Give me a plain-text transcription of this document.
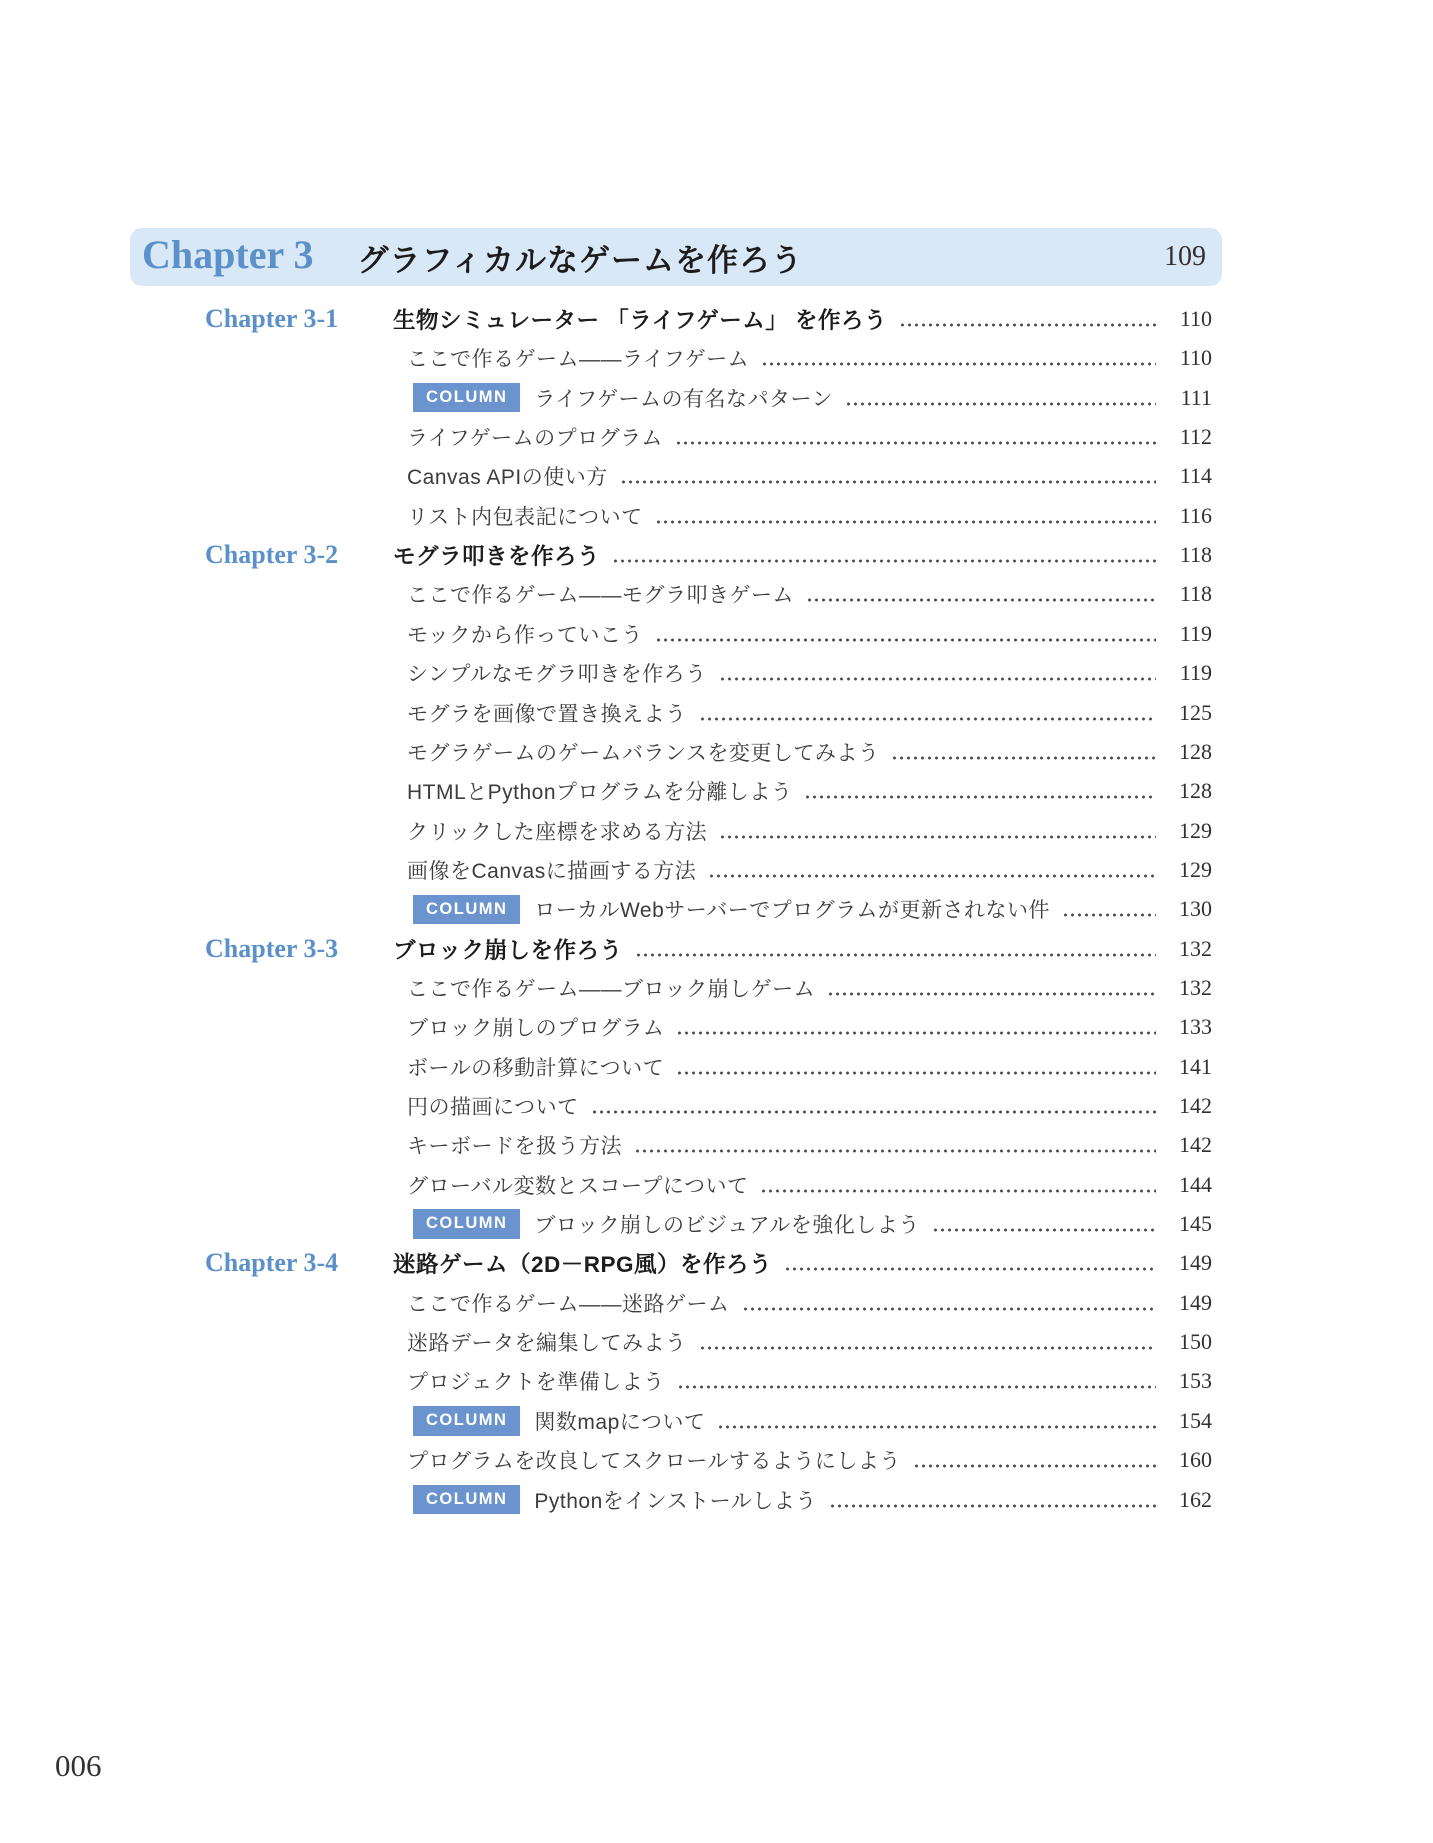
Chapter 3 グラフィカルなゲームを作ろう	109
Chapter 3-1	生物シミュレーター 「ライフゲーム」 を作ろう	110
ここで作るゲーム――ライフゲーム	110
COLUMN	ライフゲームの有名なパターン	111
ライフゲームのプログラム	112
Canvas APIの使い方	114
リスト内包表記について	116
Chapter 3-2	モグラ叩きを作ろう	118
ここで作るゲーム――モグラ叩きゲーム	118
モックから作っていこう	119
シンプルなモグラ叩きを作ろう	119
モグラを画像で置き換えよう	125
モグラゲームのゲームバランスを変更してみよう	128
HTMLとPythonプログラムを分離しよう	128
クリックした座標を求める方法	129
画像をCanvasに描画する方法	129
COLUMN	ローカルWebサーバーでプログラムが更新されない件	130
Chapter 3-3	ブロック崩しを作ろう	132
ここで作るゲーム――ブロック崩しゲーム	132
ブロック崩しのプログラム	133
ボールの移動計算について	141
円の描画について	142
キーボードを扱う方法	142
グローバル変数とスコープについて	144
COLUMN	ブロック崩しのビジュアルを強化しよう	145
Chapter 3-4	迷路ゲーム（2D－RPG風）を作ろう	149
ここで作るゲーム――迷路ゲーム	149
迷路データを編集してみよう	150
プロジェクトを準備しよう	153
COLUMN	関数mapについて	154
プログラムを改良してスクロールするようにしよう	160
COLUMN	Pythonをインストールしよう	162
006
